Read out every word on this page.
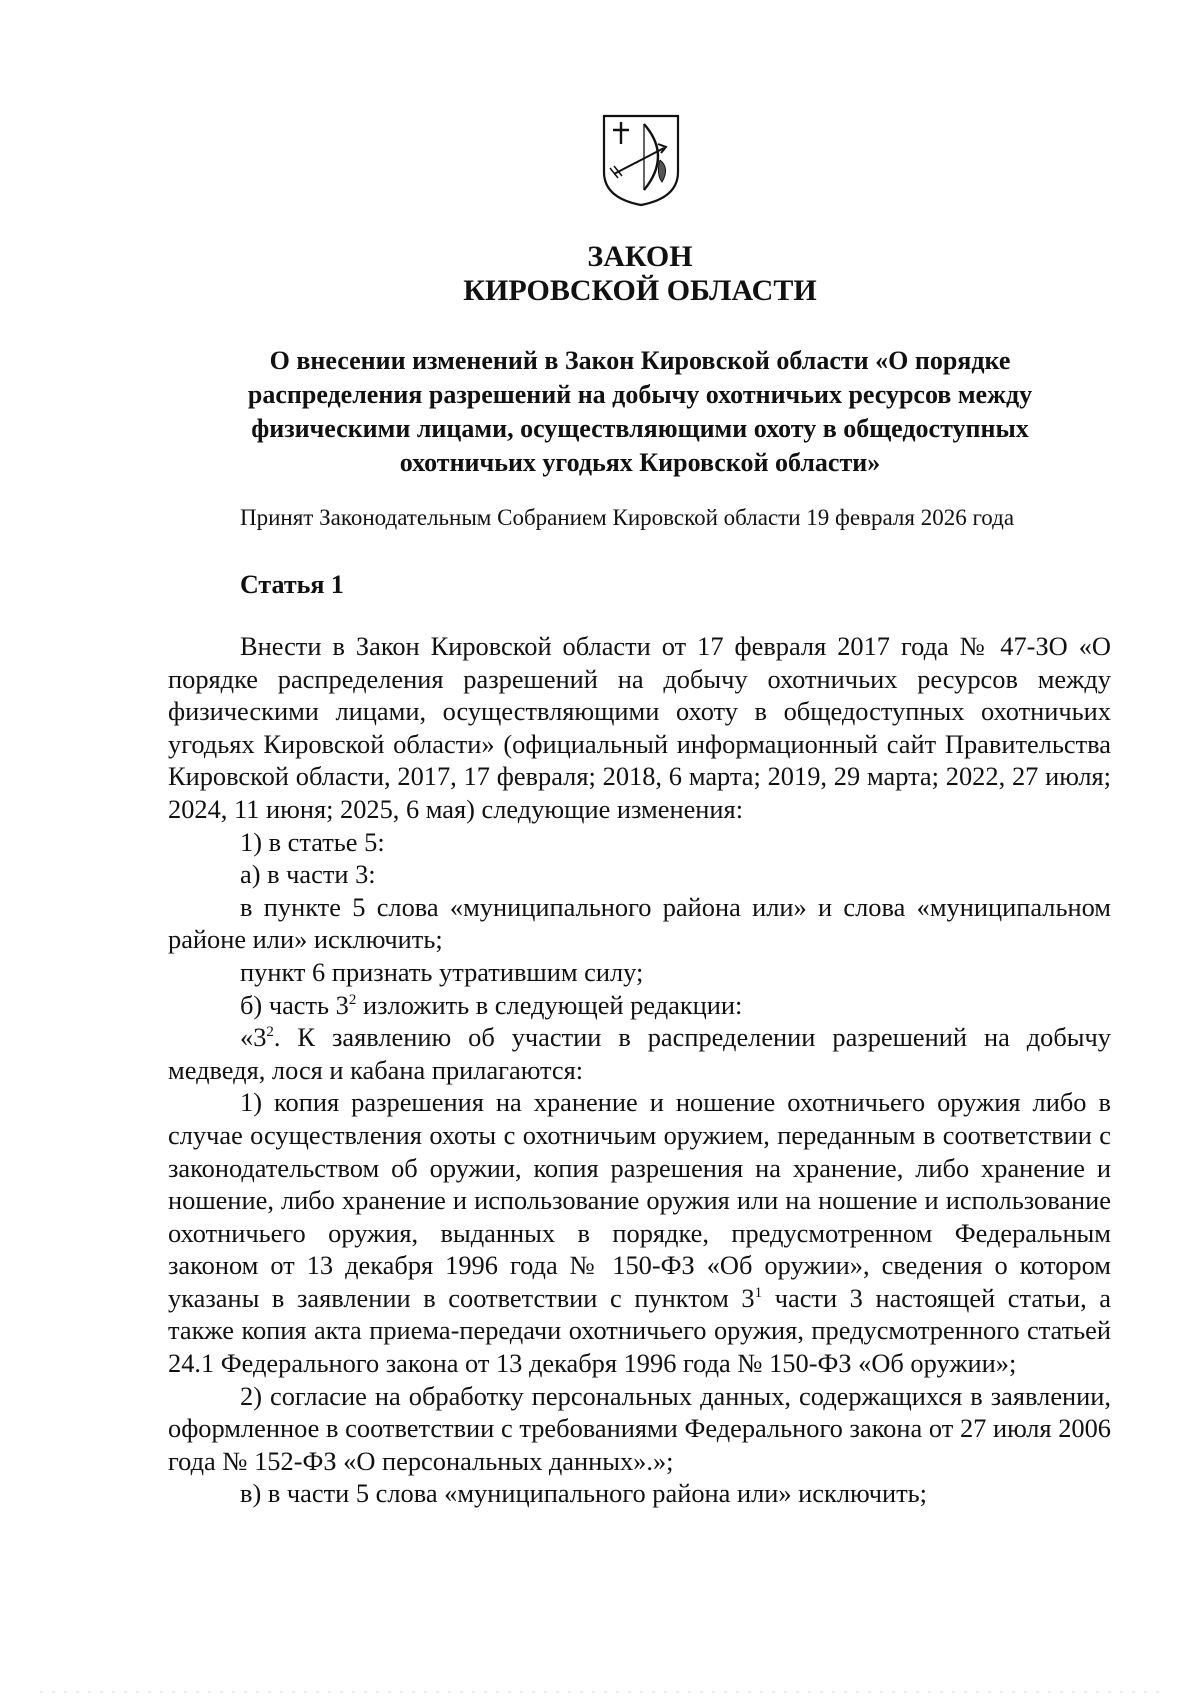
ЗАКОН
КИРОВСКОЙ ОБЛАСТИ
О внесении изменений в Закон Кировской области «О порядке
распределения разрешений на добычу охотничьих ресурсов между
физическими лицами, осуществляющими охоту в общедоступных
охотничьих угодьях Кировской области»
Принят Законодательным Собранием Кировской области 19 февраля 2026 года
Статья 1

Внести в Закон Кировской области от 17 февраля 2017 года № 47-ЗО «О порядке распределения разрешений на добычу охотничьих ресурсов между физическими лицами, осуществляющими охоту в общедоступных охотничьих угодьях Кировской области» (официальный информационный сайт Правительства Кировской области, 2017, 17 февраля; 2018, 6 марта; 2019, 29 марта; 2022, 27 июля; 2024, 11 июня; 2025, 6 мая) следующие изменения:

1) в статье 5:

а) в части 3:

в пункте 5 слова «муниципального района или» и слова «муниципальном районе или» исключить;

пункт 6 признать утратившим силу;

б) часть $3^2$ изложить в следующей редакции:

«$3^2$. К заявлению об участии в распределении разрешений на добычу медведя, лося и кабана прилагаются:

1) копия разрешения на хранение и ношение охотничьего оружия либо в случае осуществления охоты с охотничьим оружием, переданным в соответствии с законодательством об оружии, копия разрешения на хранение, либо хранение и ношение, либо хранение и использование оружия или на ношение и использование охотничьего оружия, выданных в порядке, предусмотренном Федеральным законом от 13 декабря 1996 года № 150-ФЗ «Об оружии», сведения о котором указаны в заявлении в соответствии с пунктом $3^1$ части 3 настоящей статьи, а также копия акта приема-передачи охотничьего оружия, предусмотренного статьей 24.1 Федерального закона от 13 декабря 1996 года № 150-ФЗ «Об оружии»;

2) согласие на обработку персональных данных, содержащихся в заявлении, оформленное в соответствии с требованиями Федерального закона от 27 июля 2006 года № 152-ФЗ «О персональных данных».»;

в) в части 5 слова «муниципального района или» исключить;
